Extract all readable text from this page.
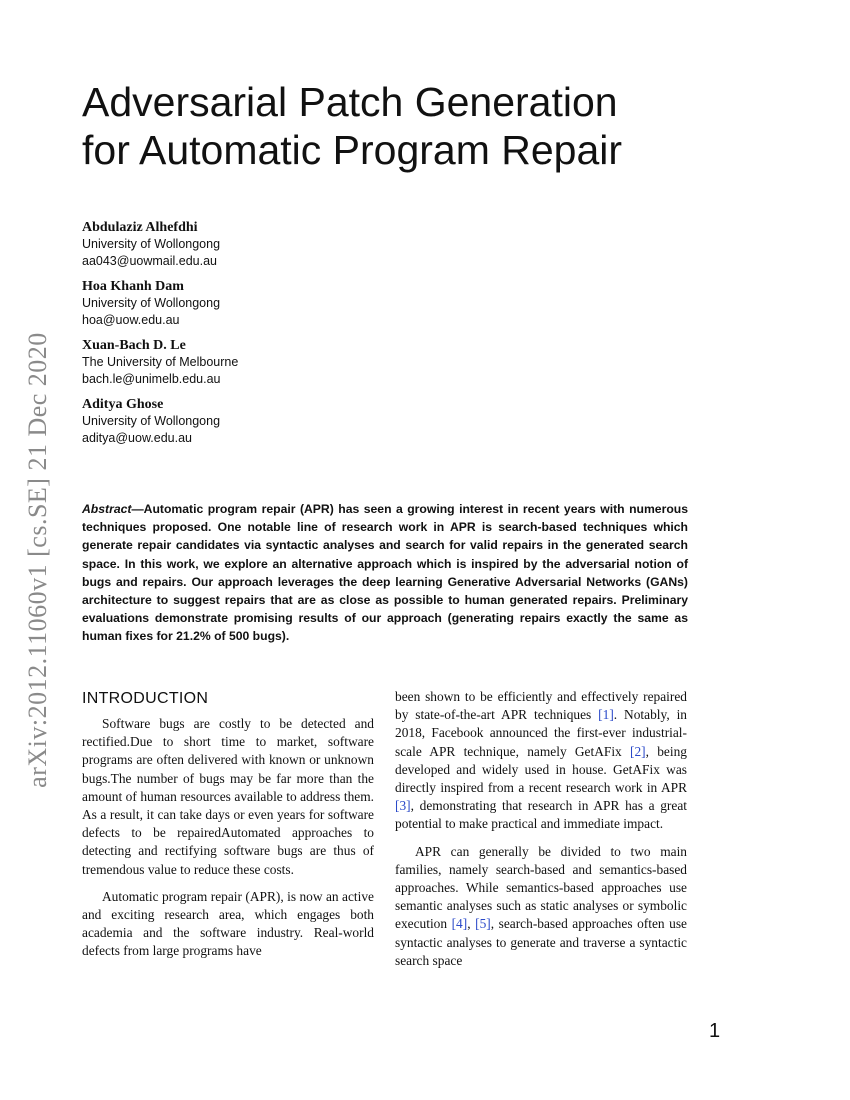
arXiv:2012.11060v1 [cs.SE] 21 Dec 2020
Adversarial Patch Generation
for Automatic Program Repair
Abdulaziz Alhefdhi
University of Wollongong
aa043@uowmail.edu.au
Hoa Khanh Dam
University of Wollongong
hoa@uow.edu.au
Xuan-Bach D. Le
The University of Melbourne
bach.le@unimelb.edu.au
Aditya Ghose
University of Wollongong
aditya@uow.edu.au

Abstract—Automatic program repair (APR) has seen a growing interest in recent years with numerous techniques proposed. One notable line of research work in APR is search-based techniques which generate repair candidates via syntactic analyses and search for valid repairs in the generated search space. In this work, we explore an alternative approach which is inspired by the adversarial notion of bugs and repairs. Our approach leverages the deep learning Generative Adversarial Networks (GANs) architecture to suggest repairs that are as close as possible to human generated repairs. Preliminary evaluations demonstrate promising results of our approach (generating repairs exactly the same as human fixes for 21.2% of 500 bugs).

INTRODUCTION

Software bugs are costly to be detected and rectified.Due to short time to market, software programs are often delivered with known or unknown bugs.The number of bugs may be far more than the amount of human resources available to address them. As a result, it can take days or even years for software defects to be repairedAutomated approaches to detecting and rectifying software bugs are thus of tremendous value to reduce these costs.

Automatic program repair (APR), is now an active and exciting research area, which engages both academia and the software industry. Real-world defects from large programs have

been shown to be efficiently and effectively repaired by state-of-the-art APR techniques [1]. Notably, in 2018, Facebook announced the first-ever industrial-scale APR technique, namely GetAFix [2], being developed and widely used in house. GetAFix was directly inspired from a recent research work in APR [3], demonstrating that research in APR has a great potential to make practical and immediate impact.

APR can generally be divided to two main families, namely search-based and semantics-based approaches. While semantics-based approaches use semantic analyses such as static analyses or symbolic execution [4], [5], search-based approaches often use syntactic analyses to generate and traverse a syntactic search space

1
